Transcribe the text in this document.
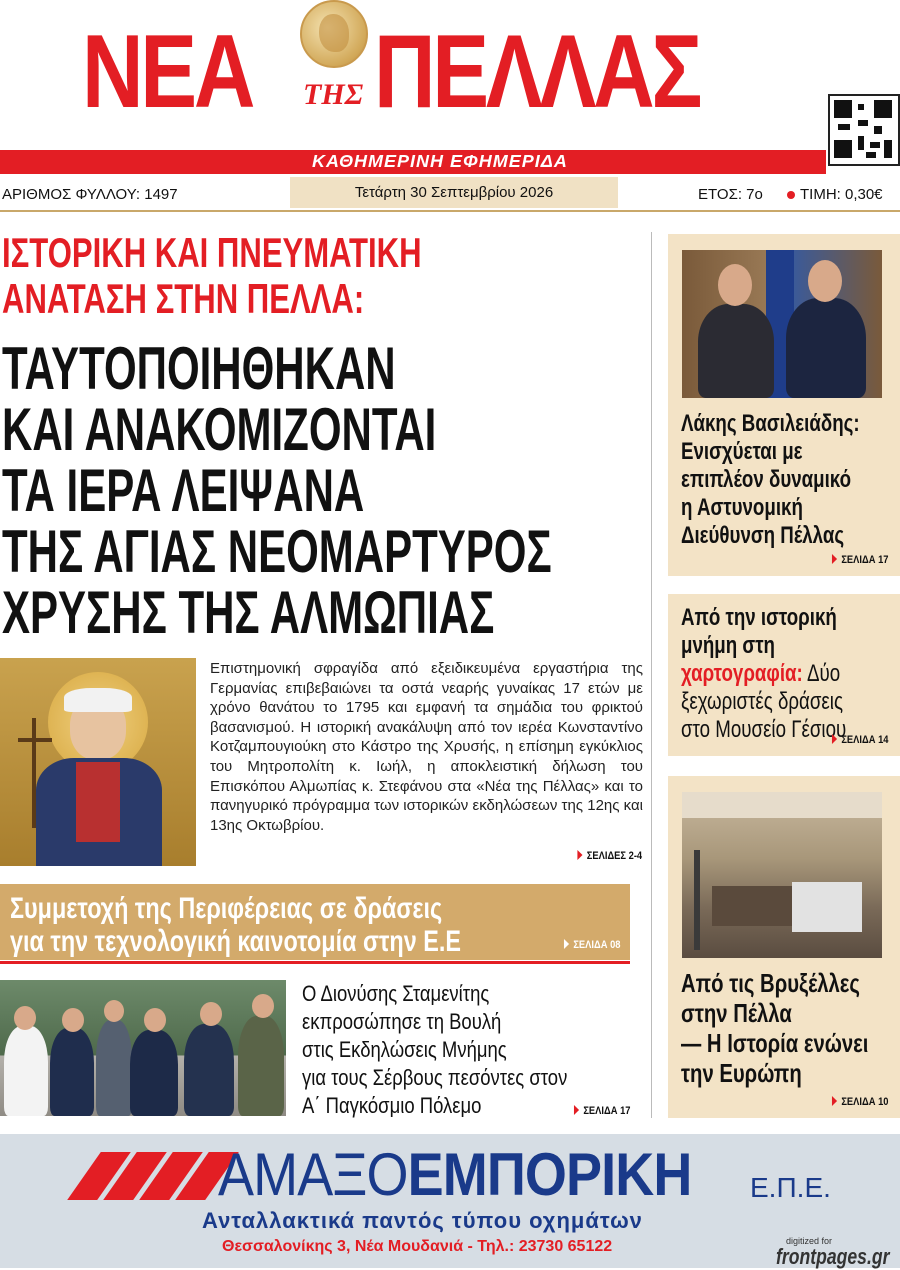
ΝΕΑ ΤΗΣ ΠΕΛΛΑΣ
ΚΑΘΗΜΕΡΙΝΗ ΕΦΗΜΕΡΙΔΑ
ΑΡΙΘΜΟΣ ΦΥΛΛΟΥ: 1497	Τετάρτη 30 Σεπτεμβρίου 2026	ΕΤΟΣ: 7ο ΤΙΜΗ: 0,30€
ΙΣΤΟΡΙΚΗ ΚΑΙ ΠΝΕΥΜΑΤΙΚΗ
ΑΝΑΤΑΣΗ ΣΤΗΝ ΠΕΛΛΑ:
ΤΑΥΤΟΠΟΙΗΘΗΚΑΝ
ΚΑΙ ΑΝΑΚΟΜΙΖΟΝΤΑΙ
ΤΑ ΙΕΡΑ ΛΕΙΨΑΝΑ
ΤΗΣ ΑΓΙΑΣ ΝΕΟΜΑΡΤΥΡΟΣ
ΧΡΥΣΗΣ ΤΗΣ ΑΛΜΩΠΙΑΣ
Επιστημονική σφραγίδα από εξειδικευμένα εργαστήρια της Γερμανίας επιβεβαιώνει τα οστά νεαρής γυναίκας 17 ετών με χρόνο θανάτου το 1795 και εμφανή τα σημάδια του φρικτού βασανισμού. Η ιστορική ανακάλυψη από τον ιερέα Κωνσταντίνο Κοτζαμπουγιούκη στο Κάστρο της Χρυσής, η επίσημη εγκύκλιος του Μητροπολίτη κ. Ιωήλ, η αποκλειστική δήλωση του Επισκόπου Αλμωπίας κ. Στεφάνου στα «Νέα της Πέλλας» και το πανηγυρικό πρόγραμμα των ιστορικών εκδηλώσεων της 12ης και 13ης Οκτωβρίου.
ΣΕΛΙΔΕΣ 2-4
Συμμετοχή της Περιφέρειας σε δράσεις
για την τεχνολογική καινοτομία στην Ε.Ε	ΣΕΛΙΔΑ 08
Ο Διονύσης Σταμενίτης
εκπροσώπησε τη Βουλή
στις Εκδηλώσεις Μνήμης
για τους Σέρβους πεσόντες στον
Α΄ Παγκόσμιο Πόλεμο	ΣΕΛΙΔΑ 17
Λάκης Βασιλειάδης:
Ενισχύεται με
επιπλέον δυναμικό
η Αστυνομική
Διεύθυνση Πέλλας
ΣΕΛΙΔΑ 17
Από την ιστορική
μνήμη στη
χαρτογραφία: Δύο
ξεχωριστές δράσεις
στο Μουσείο Γέσιου
ΣΕΛΙΔΑ 14
Από τις Βρυξέλλες
στην Πέλλα
— Η Ιστορία ενώνει
την Ευρώπη
ΣΕΛΙΔΑ 10
ΑΜΑΞΟΕΜΠΟΡΙΚΗ Ε.Π.Ε.
Ανταλλακτικά παντός τύπου οχημάτων
Θεσσαλονίκης 3, Νέα Μουδανιά - Τηλ.: 23730 65122	digitized for
frontpages.gr
